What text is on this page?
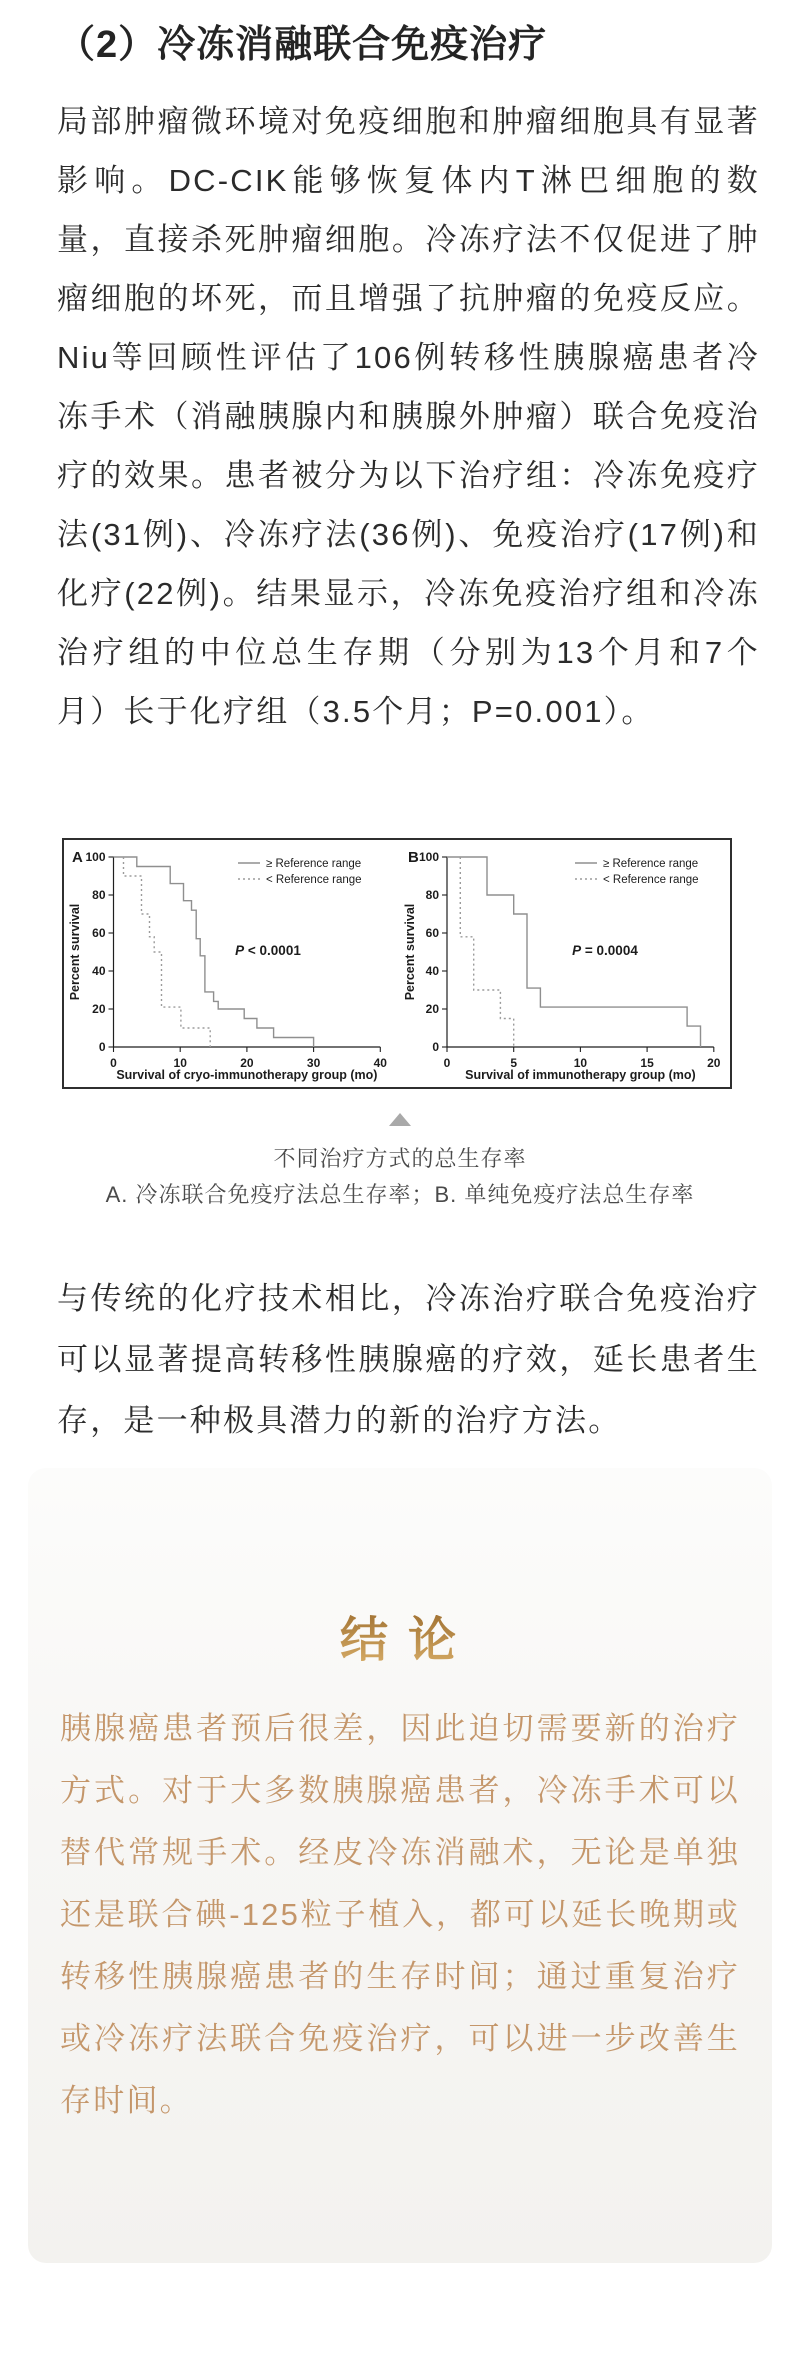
（2）冷冻消融联合免疫治疗

局部肿瘤微环境对免疫细胞和肿瘤细胞具有显著影响。DC-CIK能够恢复体内T淋巴细胞的数量，直接杀死肿瘤细胞。冷冻疗法不仅促进了肿瘤细胞的坏死，而且增强了抗肿瘤的免疫反应。Niu等回顾性评估了106例转移性胰腺癌患者冷冻手术（消融胰腺内和胰腺外肿瘤）联合免疫治疗的效果。患者被分为以下治疗组：冷冻免疫疗法(31例)、冷冻疗法(36例)、免疫治疗(17例)和化疗(22例)。结果显示，冷冻免疫治疗组和冷冻治疗组的中位总生存期（分别为13个月和7个月）长于化疗组（3.5个月；P=0.001）。

A
0
20
40
60
80
100
0	10	20	30	40
Survival of cryo-immunotherapy group (mo)
Percent survival
≥ Reference range
< Reference range
P < 0.0001
B
0
20
40
60
80
100
0	5	10	15	20
Survival of immunotherapy group (mo)
Percent survival
≥ Reference range
< Reference range
P = 0.0004
不同治疗方式的总生存率
A. 冷冻联合免疫疗法总生存率；B. 单纯免疫疗法总生存率

与传统的化疗技术相比，冷冻治疗联合免疫治疗可以显著提高转移性胰腺癌的疗效，延长患者生存，是一种极具潜力的新的治疗方法。

结 论

胰腺癌患者预后很差，因此迫切需要新的治疗方式。对于大多数胰腺癌患者，冷冻手术可以替代常规手术。经皮冷冻消融术，无论是单独还是联合碘-125粒子植入，都可以延长晚期或转移性胰腺癌患者的生存时间；通过重复治疗或冷冻疗法联合免疫治疗，可以进一步改善生存时间。
